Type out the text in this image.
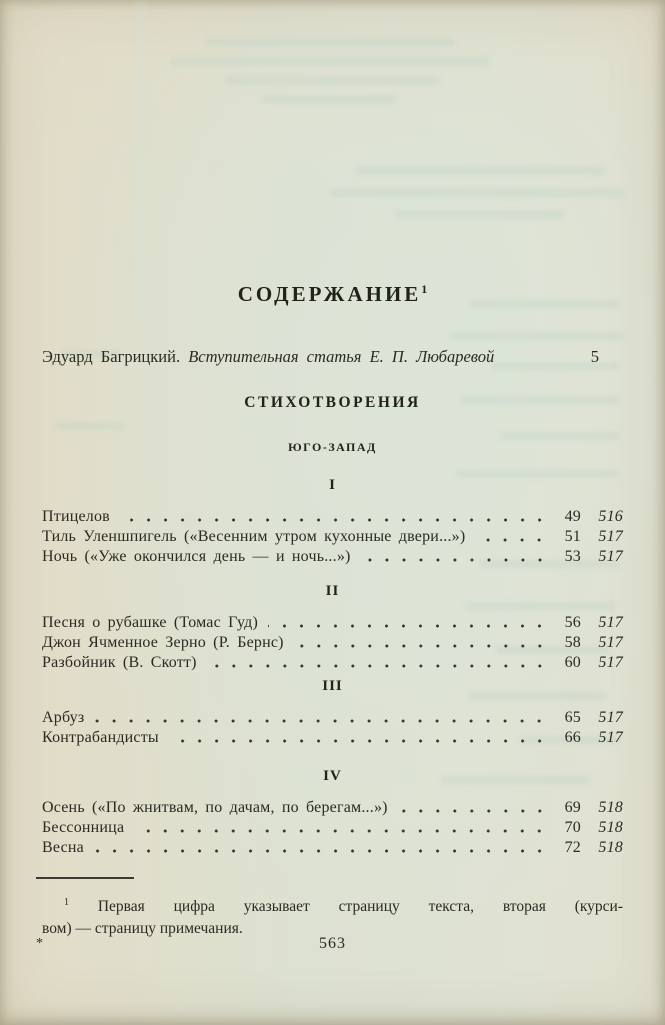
СОДЕРЖАНИЕ$^1$
Эдуард Багрицкий. Вступительная статья Е. П. Любаревой	5
СТИХОТВОРЕНИЯ
ЮГО-ЗАПАД
I
Птицелов	49	516
Тиль Уленшпигель («Весенним утром кухонные двери...»)	51	517
Ночь («Уже окончился день — и ночь...»)	53	517
II
Песня о рубашке (Томас Гуд)	56	517
Джон Ячменное Зерно (Р. Бернс)	58	517
Разбойник (В. Скотт)	60	517
III
Арбуз	65	517
Контрабандисты	66	517
IV
Осень («По жнитвам, по дачам, по берегам...»)	69	518
Бессонница	70	518
Весна	72	518
$^1$ Первая цифра указывает страницу текста, вторая (курси-
вом) — страницу примечания.
*	563
